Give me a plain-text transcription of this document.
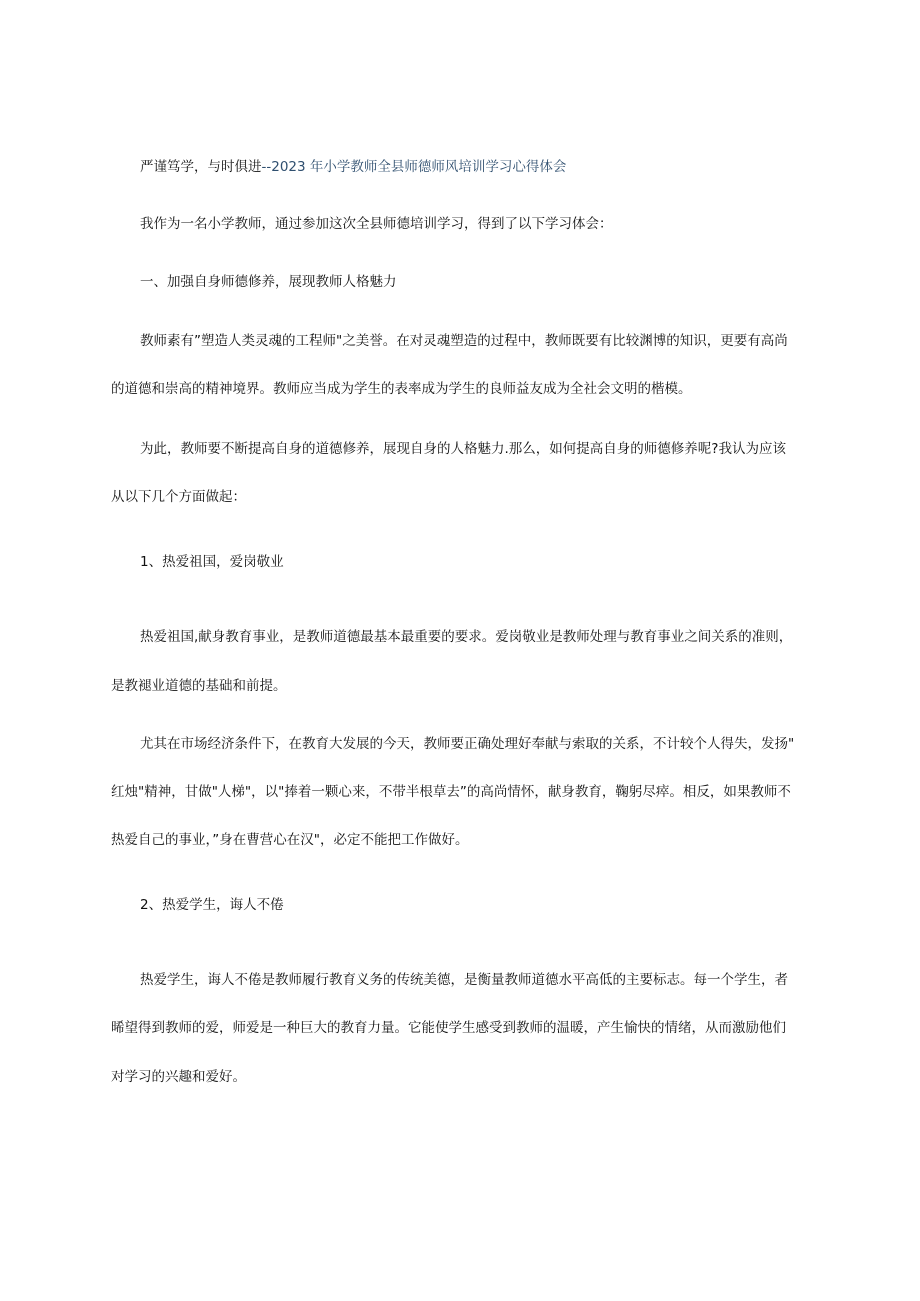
严谨笃学，与时俱进--2023 年小学教师全县师德师风培训学习心得体会
我作为一名小学教师，通过参加这次全县师德培训学习，得到了以下学习体会：
一、加强自身师德修养，展现教师人格魅力
教师素有”塑造人类灵魂的工程师"之美誉。在对灵魂塑造的过程中，教师既要有比较渊博的知识，更要有高尚
的道德和崇高的精神境界。教师应当成为学生的表率成为学生的良师益友成为全社会文明的楷模。
为此，教师要不断提高自身的道德修养，展现自身的人格魅力.那么，如何提高自身的师德修养呢?我认为应该
从以下几个方面做起：
1、热爱祖国，爱岗敬业
热爱祖国,献身教育事业，是教师道德最基本最重要的要求。爱岗敬业是教师处理与教育事业之间关系的准则，
是教褪业道德的基础和前提。
尤其在市场经济条件下，在教育大发展的今天，教师要正确处理好奉献与索取的关系，不计较个人得失，发扬"
红烛"精神，甘做"人梯"，以"捧着一颗心来，不带半根草去”的高尚情怀，献身教育，鞠躬尽瘁。相反，如果教师不
热爱自己的事业，”身在曹营心在汉"，必定不能把工作做好。
2、热爱学生，诲人不倦
热爱学生，诲人不倦是教师履行教育义务的传统美德，是衡量教师道德水平高低的主要标志。每一个学生，者
晞望得到教师的爱，师爱是一种巨大的教育力量。它能使学生感受到教师的温暖，产生愉快的情绪，从而激励他们
对学习的兴趣和爱好。
